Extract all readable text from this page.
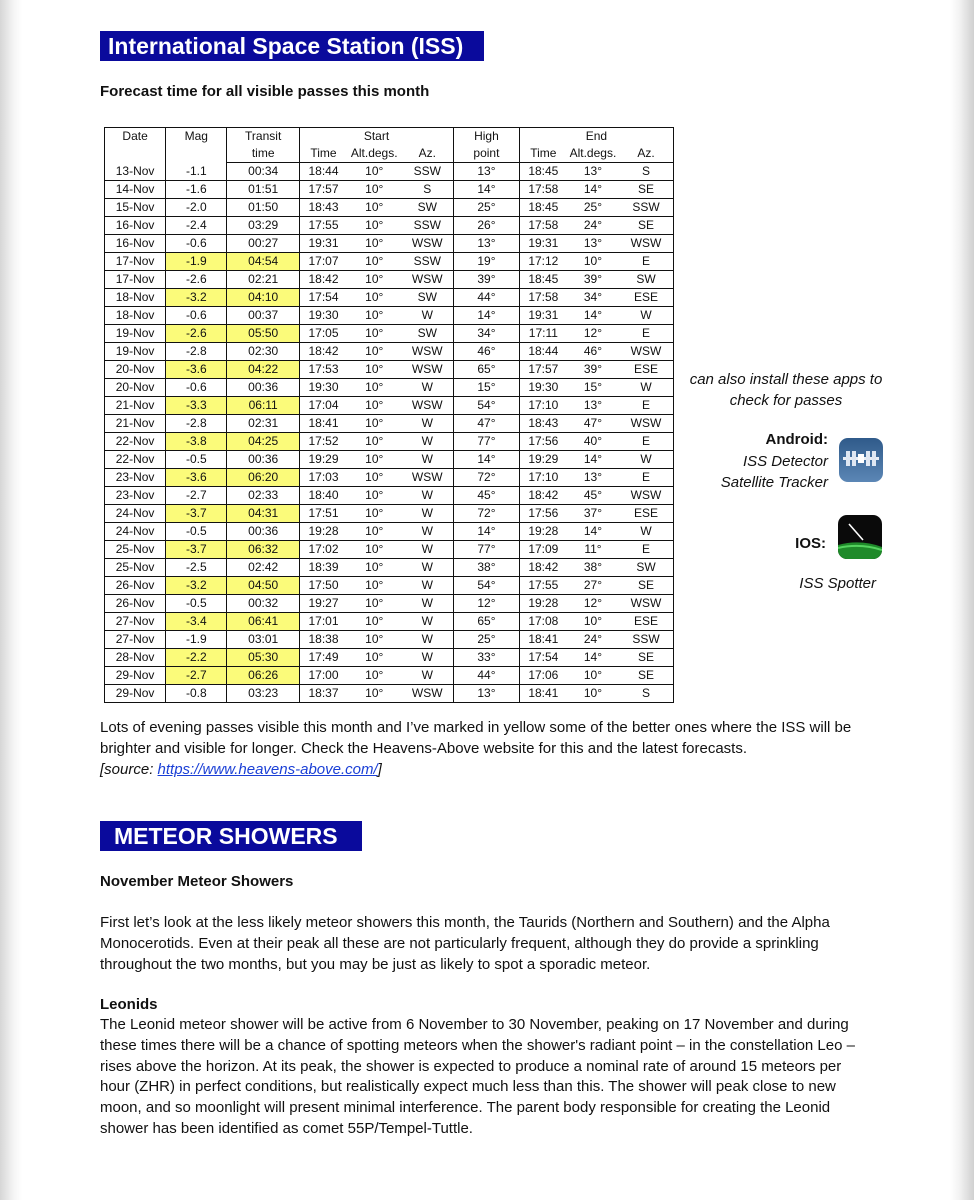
International Space Station (ISS)
Forecast time for all visible passes this month
Date	Mag	Transit	Start			High	End		
		time	Time	Alt.degs.	Az.	point	Time	Alt.degs.	Az.
13-Nov	-1.1	00:34	18:44	10°	SSW	13°	18:45	13°	S
14-Nov	-1.6	01:51	17:57	10°	S	14°	17:58	14°	SE
15-Nov	-2.0	01:50	18:43	10°	SW	25°	18:45	25°	SSW
16-Nov	-2.4	03:29	17:55	10°	SSW	26°	17:58	24°	SE
16-Nov	-0.6	00:27	19:31	10°	WSW	13°	19:31	13°	WSW
17-Nov	-1.9	04:54	17:07	10°	SSW	19°	17:12	10°	E
17-Nov	-2.6	02:21	18:42	10°	WSW	39°	18:45	39°	SW
18-Nov	-3.2	04:10	17:54	10°	SW	44°	17:58	34°	ESE
18-Nov	-0.6	00:37	19:30	10°	W	14°	19:31	14°	W
19-Nov	-2.6	05:50	17:05	10°	SW	34°	17:11	12°	E
19-Nov	-2.8	02:30	18:42	10°	WSW	46°	18:44	46°	WSW
20-Nov	-3.6	04:22	17:53	10°	WSW	65°	17:57	39°	ESE
20-Nov	-0.6	00:36	19:30	10°	W	15°	19:30	15°	W
21-Nov	-3.3	06:11	17:04	10°	WSW	54°	17:10	13°	E
21-Nov	-2.8	02:31	18:41	10°	W	47°	18:43	47°	WSW
22-Nov	-3.8	04:25	17:52	10°	W	77°	17:56	40°	E
22-Nov	-0.5	00:36	19:29	10°	W	14°	19:29	14°	W
23-Nov	-3.6	06:20	17:03	10°	WSW	72°	17:10	13°	E
23-Nov	-2.7	02:33	18:40	10°	W	45°	18:42	45°	WSW
24-Nov	-3.7	04:31	17:51	10°	W	72°	17:56	37°	ESE
24-Nov	-0.5	00:36	19:28	10°	W	14°	19:28	14°	W
25-Nov	-3.7	06:32	17:02	10°	W	77°	17:09	11°	E
25-Nov	-2.5	02:42	18:39	10°	W	38°	18:42	38°	SW
26-Nov	-3.2	04:50	17:50	10°	W	54°	17:55	27°	SE
26-Nov	-0.5	00:32	19:27	10°	W	12°	19:28	12°	WSW
27-Nov	-3.4	06:41	17:01	10°	W	65°	17:08	10°	ESE
27-Nov	-1.9	03:01	18:38	10°	W	25°	18:41	24°	SSW
28-Nov	-2.2	05:30	17:49	10°	W	33°	17:54	14°	SE
29-Nov	-2.7	06:26	17:00	10°	W	44°	17:06	10°	SE
29-Nov	-0.8	03:23	18:37	10°	WSW	13°	18:41	10°	S
can also install these apps to check for passes
Android:
ISS Detector
Satellite Tracker
IOS:
ISS Spotter
Lots of evening passes visible this month and I’ve marked in yellow some of the better ones where the ISS will be brighter and visible for longer. Check the Heavens-Above website for this and the latest forecasts.
[source: https://www.heavens-above.com/]
METEOR SHOWERS
November Meteor Showers
First let’s look at the less likely meteor showers this month, the Taurids (Northern and Southern) and the Alpha Monocerotids. Even at their peak all these are not particularly frequent, although they do provide a sprinkling throughout the two months, but you may be just as likely to spot a sporadic meteor.
Leonids
The Leonid meteor shower will be active from 6 November to 30 November, peaking on 17 November and during these times there will be a chance of spotting meteors when the shower's radiant point – in the constellation Leo – rises above the horizon. At its peak, the shower is expected to produce a nominal rate of around 15 meteors per hour (ZHR) in perfect conditions, but realistically expect much less than this. The shower will peak close to new moon, and so moonlight will present minimal interference. The parent body responsible for creating the Leonid shower has been identified as comet 55P/Tempel-Tuttle.
